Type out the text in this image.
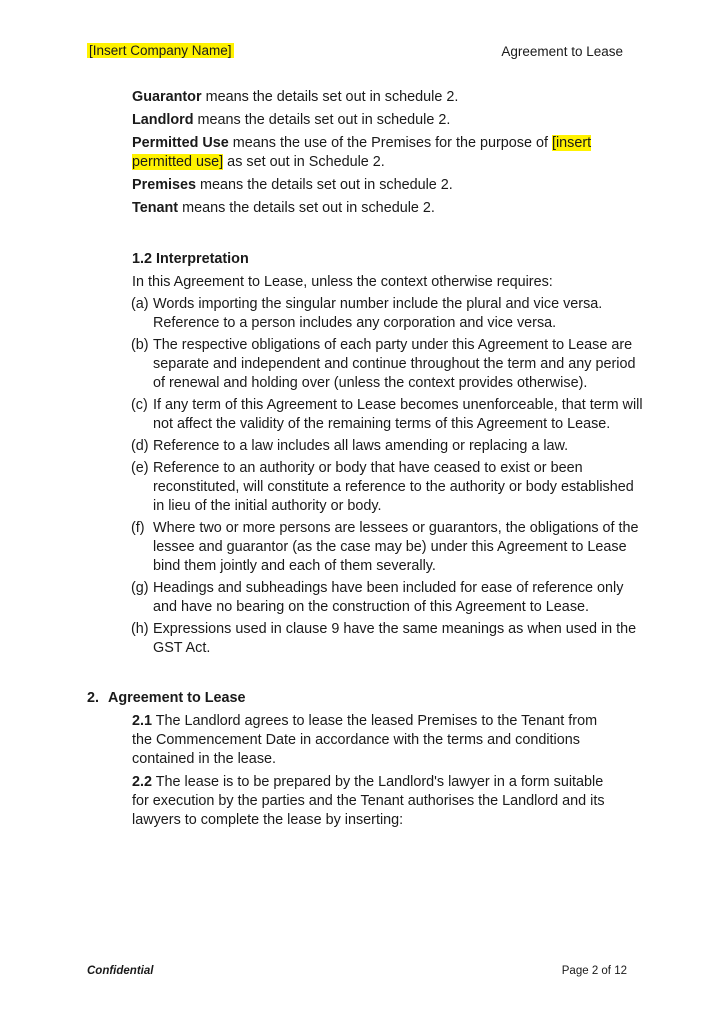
[Insert Company Name]	Agreement to Lease
Guarantor means the details set out in schedule 2.
Landlord means the details set out in schedule 2.
Permitted Use means the use of the Premises for the purpose of [insert permitted use] as set out in Schedule 2.
Premises means the details set out in schedule 2.
Tenant means the details set out in schedule 2.
1.2 Interpretation
In this Agreement to Lease, unless the context otherwise requires:
(a) Words importing the singular number include the plural and vice versa. Reference to a person includes any corporation and vice versa.
(b) The respective obligations of each party under this Agreement to Lease are separate and independent and continue throughout the term and any period of renewal and holding over (unless the context provides otherwise).
(c) If any term of this Agreement to Lease becomes unenforceable, that term will not affect the validity of the remaining terms of this Agreement to Lease.
(d) Reference to a law includes all laws amending or replacing a law.
(e) Reference to an authority or body that have ceased to exist or been reconstituted, will constitute a reference to the authority or body established in lieu of the initial authority or body.
(f) Where two or more persons are lessees or guarantors, the obligations of the lessee and guarantor (as the case may be) under this Agreement to Lease bind them jointly and each of them severally.
(g) Headings and subheadings have been included for ease of reference only and have no bearing on the construction of this Agreement to Lease.
(h) Expressions used in clause 9 have the same meanings as when used in the GST Act.
2. Agreement to Lease
2.1 The Landlord agrees to lease the leased Premises to the Tenant from the Commencement Date in accordance with the terms and conditions contained in the lease.
2.2 The lease is to be prepared by the Landlord's lawyer in a form suitable for execution by the parties and the Tenant authorises the Landlord and its lawyers to complete the lease by inserting:
Confidential	Page 2 of 12
